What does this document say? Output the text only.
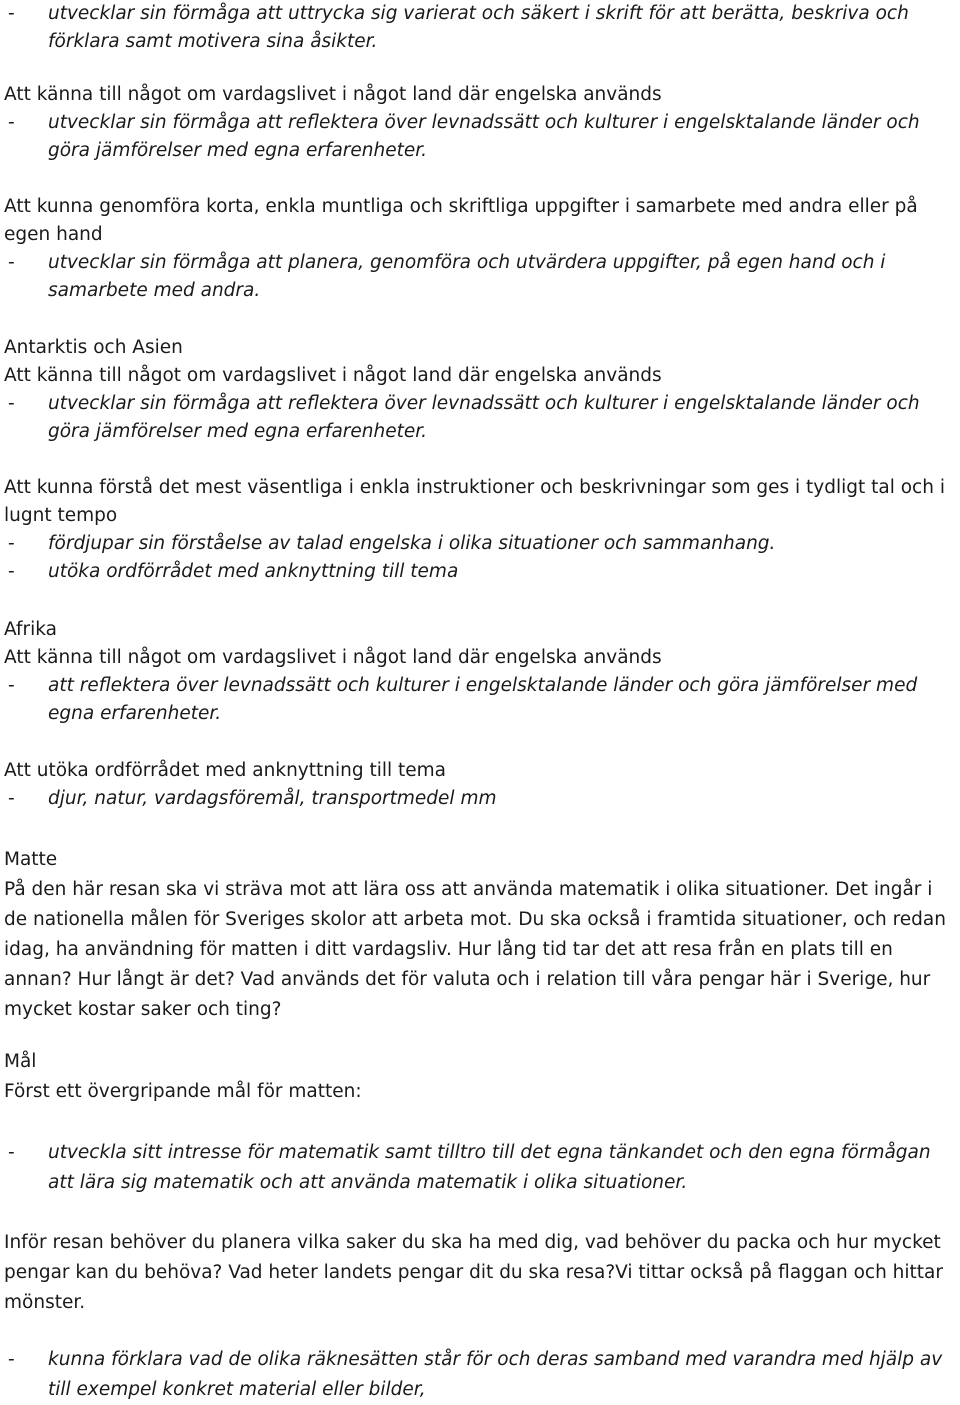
- utvecklar sin förmåga att uttrycka sig varierat och säkert i skrift för att berätta, beskriva och förklara samt motivera sina åsikter.

Att känna till något om vardagslivet i något land där engelska används

- utvecklar sin förmåga att reflektera över levnadssätt och kulturer i engelsktalande länder och göra jämförelser med egna erfarenheter.

Att kunna genomföra korta, enkla muntliga och skriftliga uppgifter i samarbete med andra eller på egen hand

- utvecklar sin förmåga att planera, genomföra och utvärdera uppgifter, på egen hand och i samarbete med andra.

Antarktis och Asien

Att känna till något om vardagslivet i något land där engelska används

- utvecklar sin förmåga att reflektera över levnadssätt och kulturer i engelsktalande länder och göra jämförelser med egna erfarenheter.

Att kunna förstå det mest väsentliga i enkla instruktioner och beskrivningar som ges i tydligt tal och i lugnt tempo

- fördjupar sin förståelse av talad engelska i olika situationer och sammanhang.

- utöka ordförrådet med anknyttning till tema

Afrika

Att känna till något om vardagslivet i något land där engelska används

- att reflektera över levnadssätt och kulturer i engelsktalande länder och göra jämförelser med egna erfarenheter.

Att utöka ordförrådet med anknyttning till tema

- djur, natur, vardagsföremål, transportmedel mm

Matte

På den här resan ska vi sträva mot att lära oss att använda matematik i olika situationer. Det ingår i de nationella målen för Sveriges skolor att arbeta mot. Du ska också i framtida situationer, och redan idag, ha användning för matten i ditt vardagsliv. Hur lång tid tar det att resa från en plats till en annan? Hur långt är det? Vad används det för valuta och i relation till våra pengar här i Sverige, hur mycket kostar saker och ting?

Mål

Först ett övergripande mål för matten:

- utveckla sitt intresse för matematik samt tilltro till det egna tänkandet och den egna förmågan att lära sig matematik och att använda matematik i olika situationer.

Inför resan behöver du planera vilka saker du ska ha med dig, vad behöver du packa och hur mycket pengar kan du behöva? Vad heter landets pengar dit du ska resa?Vi tittar också på flaggan och hittar mönster.

- kunna förklara vad de olika räknesätten står för och deras samband med varandra med hjälp av till exempel konkret material eller bilder,
